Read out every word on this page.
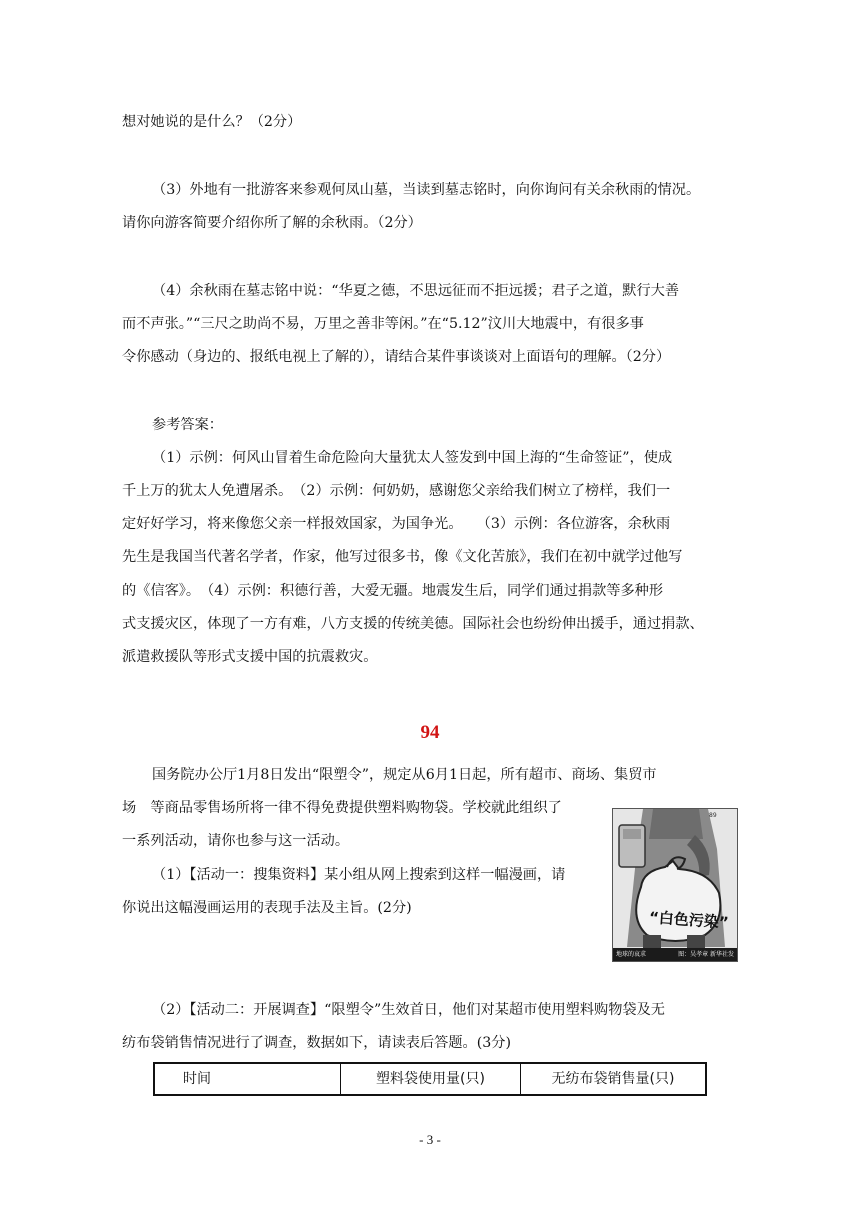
想对她说的是什么？（2分）
（3）外地有一批游客来参观何凤山墓，当读到墓志铭时，向你询问有关余秋雨的情况。
请你向游客简要介绍你所了解的余秋雨。（2分）
（4）余秋雨在墓志铭中说：“华夏之德，不思远征而不拒远援；君子之道，默行大善
而不声张。”“三尺之助尚不易，万里之善非等闲。”在“5.12”汶川大地震中，有很多事
令你感动（身边的、报纸电视上了解的），请结合某件事谈谈对上面语句的理解。（2分）
参考答案：
（1）示例：何风山冒着生命危险向大量犹太人签发到中国上海的“生命签证”，使成
千上万的犹太人免遭屠杀。　（2）示例：何奶奶，感谢您父亲给我们树立了榜样，我们一
定好好学习，将来像您父亲一样报效国家，为国争光。　　（3）示例：各位游客，余秋雨
先生是我国当代著名学者，作家，他写过很多书，像《文化苦旅》，我们在初中就学过他写
的《信客》。　（4）示例：积德行善，大爱无疆。地震发生后，同学们通过捐款等多种形
式支援灾区，体现了一方有难，八方支援的传统美德。国际社会也纷纷伸出援手，通过捐款、
派遣救援队等形式支援中国的抗震救灾。
94
国务院办公厅1月8日发出“限塑令”，规定从6月1日起，所有超市、商场、集贸市
场　等商品零售场所将一律不得免费提供塑料购物袋。学校就此组织了
一系列活动，请你也参与这一活动。
（1）【活动一：搜集资料】某小组从网上搜索到这样一幅漫画，请
你说出这幅漫画运用的表现手法及主旨。(2分)
“白色污染”
89
地球的哀求	图：吴孝章 新华社发
（2）【活动二：开展调查】“限塑令”生效首日，他们对某超市使用塑料购物袋及无
纺布袋销售情况进行了调查，数据如下，请读表后答题。(3分)
时间	塑料袋使用量(只)	无纺布袋销售量(只)
- 3 -
